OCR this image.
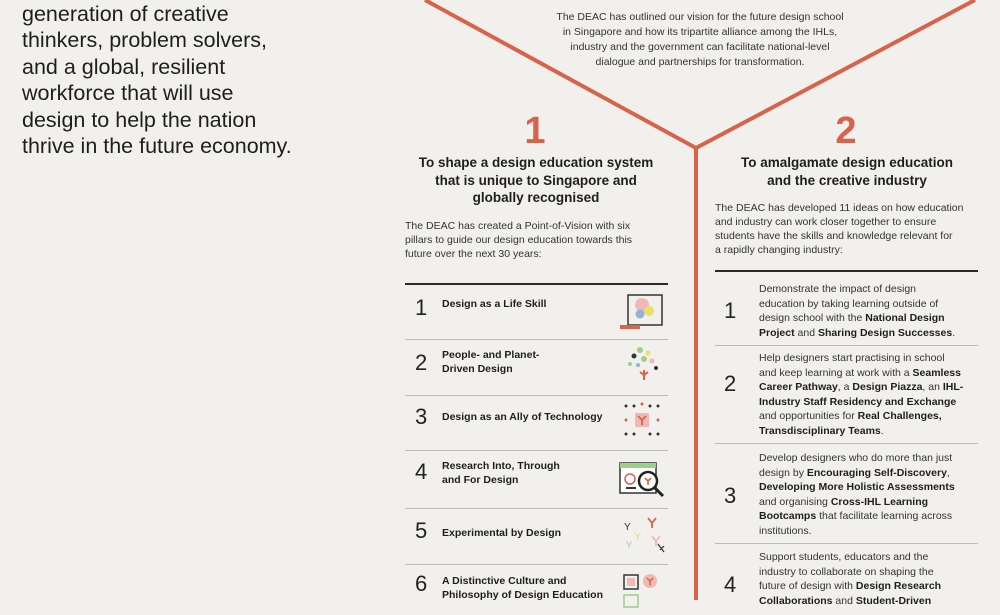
generation of creative
thinkers, problem solvers,
and a global, resilient
workforce that will use
design to help the nation
thrive in the future economy.
The DEAC has outlined our vision for the future design school
in Singapore and how its tripartite alliance among the IHLs,
industry and the government can facilitate national-level
dialogue and partnerships for transformation.
1
To shape a design education system
that is unique to Singapore and
globally recognised
The DEAC has created a Point-of-Vision with six
pillars to guide our design education towards this
future over the next 30 years:
1 Design as a Life Skill
2 People- and Planet-
Driven Design
3 Design as an Ally of Technology
4 Research Into, Through
and For Design
5 Experimental by Design	Y
Y
Y
6 A Distinctive Culture and
Philosophy of Design Education
2
To amalgamate design education
and the creative industry
The DEAC has developed 11 ideas on how education
and industry can work closer together to ensure
students have the skills and knowledge relevant for
a rapidly changing industry:
1
Demonstrate the impact of design
education by taking learning outside of
design school with the National Design
Project and Sharing Design Successes.
2
Help designers start practising in school
and keep learning at work with a Seamless
Career Pathway, a Design Piazza, an IHL-
Industry Staff Residency and Exchange
and opportunities for Real Challenges,
Transdisciplinary Teams.
3
Develop designers who do more than just
design by Encouraging Self-Discovery,
Developing More Holistic Assessments
and organising Cross-IHL Learning
Bootcamps that facilitate learning across
institutions.
4
Support students, educators and the
industry to collaborate on shaping the
future of design with Design Research
Collaborations and Student-Driven
